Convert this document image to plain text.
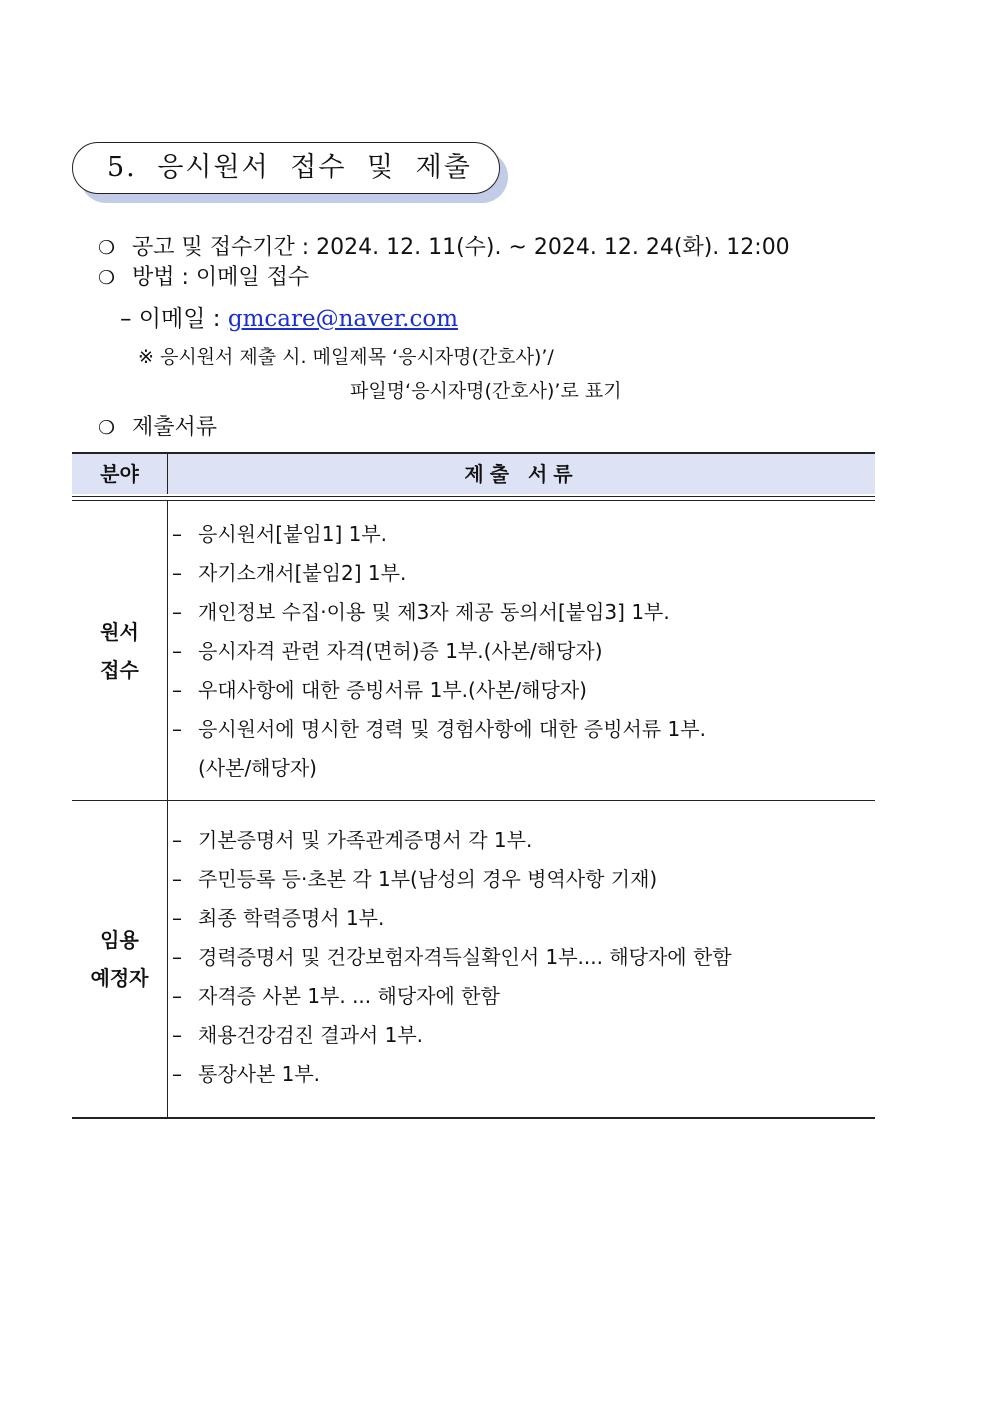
5. 응시원서 접수 및 제출
❍ 공고 및 접수기간 : 2024. 12. 11(수). ~ 2024. 12. 24(화). 12:00
❍ 방법 : 이메일 접수
– 이메일 : gmcare@naver.com
※ 응시원서 제출 시. 메일제목 ‘응시자명(간호사)’/
파일명‘응시자명(간호사)’로 표기
❍ 제출서류
분야	제출 서류
원서
접수
– 응시원서[붙임1] 1부.
– 자기소개서[붙임2] 1부.
– 개인정보 수집·이용 및 제3자 제공 동의서[붙임3] 1부.
– 응시자격 관련 자격(면허)증 1부.(사본/해당자)
– 우대사항에 대한 증빙서류 1부.(사본/해당자)
– 응시원서에 명시한 경력 및 경험사항에 대한 증빙서류 1부.
(사본/해당자)
임용
예정자
– 기본증명서 및 가족관계증명서 각 1부.
– 주민등록 등·초본 각 1부(남성의 경우 병역사항 기재)
– 최종 학력증명서 1부.
– 경력증명서 및 건강보험자격득실확인서 1부.... 해당자에 한함
– 자격증 사본 1부. ... 해당자에 한함
– 채용건강검진 결과서 1부.
– 통장사본 1부.
